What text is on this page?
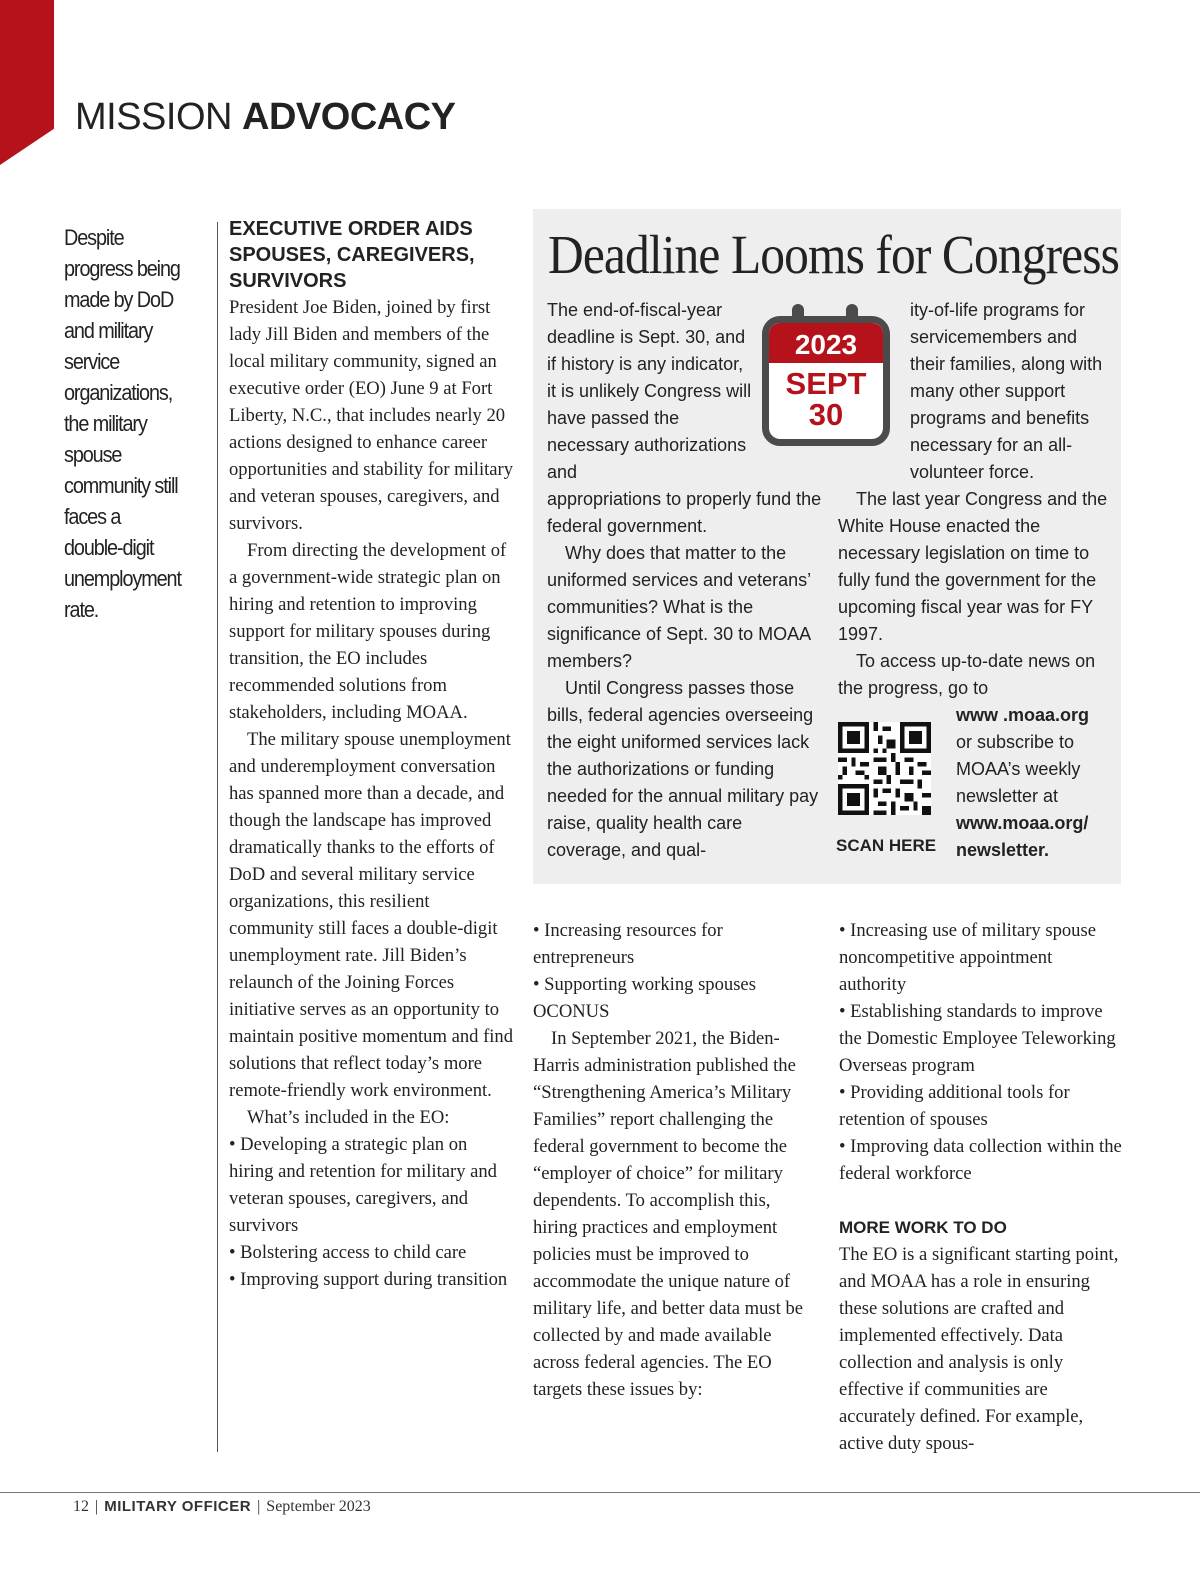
MISSION ADVOCACY
Despite progress being made by DoD and military service organizations, the military spouse community still faces a double-digit unemployment rate.
EXECUTIVE ORDER AIDS SPOUSES, CAREGIVERS, SURVIVORS

President Joe Biden, joined by first lady Jill Biden and members of the local military community, signed an executive order (EO) June 9 at Fort Liberty, N.C., that includes nearly 20 actions designed to enhance career opportunities and stability for military and veteran spouses, caregivers, and survivors.

From directing the development of a government-wide strategic plan on hiring and retention to improving support for military spouses during transition, the EO includes recommended solutions from stakeholders, including MOAA.

The military spouse unemployment and underemployment conversation has spanned more than a decade, and though the landscape has improved dramatically thanks to the efforts of DoD and several military service organizations, this resilient community still faces a double-digit unemployment rate. Jill Biden’s relaunch of the Joining Forces initiative serves as an opportunity to maintain positive momentum and find solutions that reflect today’s more remote-friendly work environment.

What’s included in the EO:

• Developing a strategic plan on hiring and retention for military and veteran spouses, caregivers, and survivors

• Bolstering access to child care

• Improving support during transition

Deadline Looms for Congress

The end-of-fiscal-year deadline is Sept. 30, and if history is any indicator, it is unlikely Congress will have passed the necessary authorizations and

2023
SEPT
30

appropriations to properly fund the federal government.

Why does that matter to the uniformed services and veterans’ communities? What is the significance of Sept. 30 to MOAA members?

Until Congress passes those bills, federal agencies overseeing the eight uniformed services lack the authorizations or funding needed for the annual military pay raise, quality health care coverage, and qual-

ity-of-life programs for servicemembers and their families, along with many other support programs and benefits necessary for an all-volunteer force.

The last year Congress and the White House enacted the necessary legislation on time to fully fund the government for the upcoming fiscal year was for FY 1997.

To access up-to-date news on the progress, go to

www .moaa.org or subscribe to MOAA’s weekly newsletter at www.moaa.org/ newsletter.

SCAN HERE

• Increasing resources for entrepreneurs

• Supporting working spouses OCONUS

In September 2021, the Biden-Harris administration published the “Strengthening America’s Military Families” report challenging the federal government to become the “employer of choice” for military dependents. To accomplish this, hiring practices and employment policies must be improved to accommodate the unique nature of military life, and better data must be collected by and made available across federal agencies. The EO targets these issues by:

• Increasing use of military spouse noncompetitive appointment authority

• Establishing standards to improve the Domestic Employee Teleworking Overseas program

• Providing additional tools for retention of spouses

• Improving data collection within the federal workforce

MORE WORK TO DO

The EO is a significant starting point, and MOAA has a role in ensuring these solutions are crafted and implemented effectively. Data collection and analysis is only effective if communities are accurately defined. For example, active duty spous-

12 | MILITARY OFFICER | September 2023
